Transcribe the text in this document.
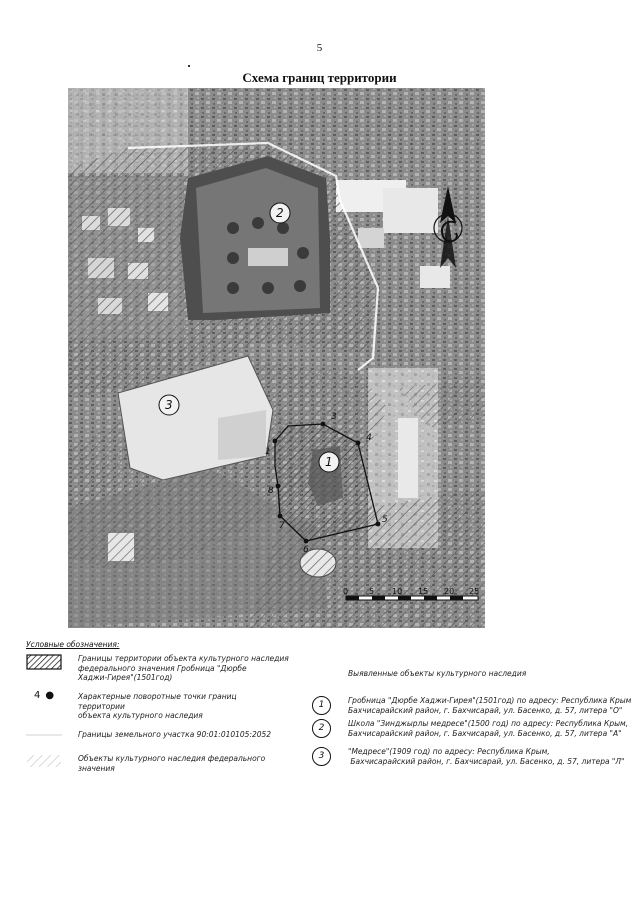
5
Схема границ территории
1
3
4
5
6
7
8
1
2
3
0	5 10 15 20 25
Условные обозначения:
Границы территории объекта культурного наследия
федерального значения Гробница "Дюрбе
Хаджи-Гирея"(1501год)
4 ●	Характерные поворотные точки границ
территории
объекта культурного наследия
Границы земельного участка 90:01:010105:2052
Объекты культурного наследия федерального
значения
Выявленные объекты культурного наследия
1	Гробница "Дюрбе Хаджи-Гирея"(1501год) по адресу: Республика Крым
Бахчисарайский район, г. Бахчисарай, ул. Басенко, д. 57, литера "О"
2	Школа "Зинджырлы медресе"(1500 год) по адресу: Республика Крым,
Бахчисарайский район, г. Бахчисарай, ул. Басенко, д. 57, литера "А"
3	"Медресе"(1909 год) по адресу: Республика Крым,
Бахчисарайский район, г. Бахчисарай, ул. Басенко, д. 57, литера "Л"
